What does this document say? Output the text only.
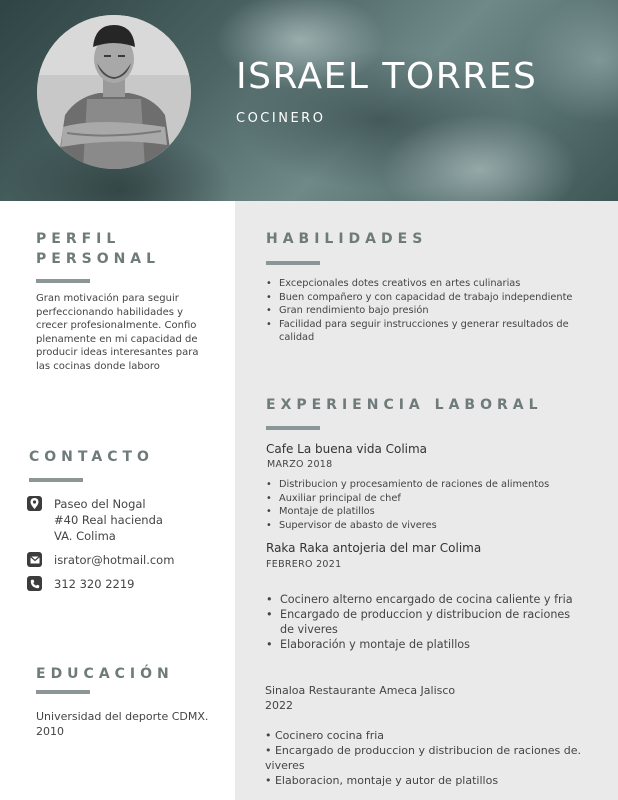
ISRAEL TORRES
COCINERO
PERFIL
PERSONAL
Gran motivación para seguir
perfeccionando habilidades y
crecer profesionalmente. Confio
plenamente en mi capacidad de
producir ideas interesantes para
las cocinas donde laboro
CONTACTO
Paseo del Nogal
#40 Real hacienda
VA. Colima
isrator@hotmail.com
312 320 2219
EDUCACIÓN
Universidad del deporte CDMX.
2010
HABILIDADES
• Excepcionales dotes creativos en artes culinarias
• Buen compañero y con capacidad de trabajo independiente
• Gran rendimiento bajo presión
• Facilidad para seguir instrucciones y generar resultados de calidad
EXPERIENCIA LABORAL
Cafe La buena vida Colima
MARZO 2018
• Distribucion y procesamiento de raciones de alimentos
• Auxiliar principal de chef
• Montaje de platillos
• Supervisor de abasto de viveres
Raka Raka antojeria del mar Colima
FEBRERO 2021
• Cocinero alterno encargado de cocina caliente y fria
• Encargado de produccion y distribucion de raciones de viveres
• Elaboración y montaje de platillos
Sinaloa Restaurante Ameca Jalisco
2022
• Cocinero cocina fria
• Encargado de produccion y distribucion de raciones de. viveres
• Elaboracion, montaje y autor de platillos
